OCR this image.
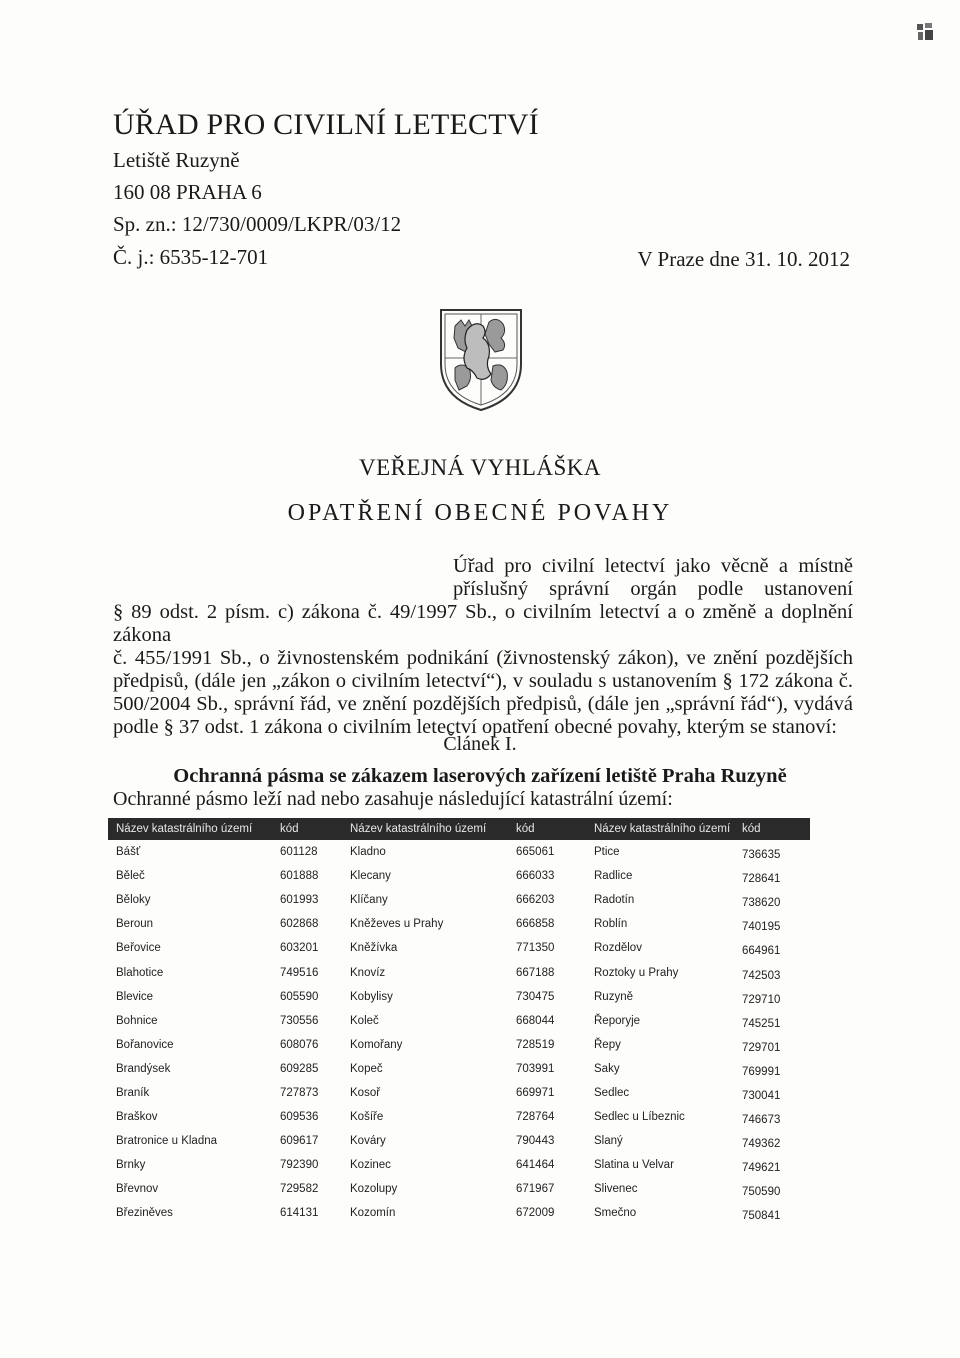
ÚŘAD PRO CIVILNÍ LETECTVÍ
Letiště Ruzyně
160 08 PRAHA 6
Sp. zn.: 12/730/0009/LKPR/03/12
Č. j.: 6535-12-701	V Praze dne 31. 10. 2012
VEŘEJNÁ VYHLÁŠKA
OPATŘENÍ OBECNÉ POVAHY
Úřad pro civilní letectví jako věcně a místně příslušný správní orgán podle ustanovení
§ 89 odst. 2 písm. c) zákona č. 49/1997 Sb., o civilním letectví a o změně a doplnění zákona
č. 455/1991 Sb., o živnostenském podnikání (živnostenský zákon), ve znění pozdějších
předpisů, (dále jen „zákon o civilním letectví“), v souladu s ustanovením § 172 zákona č.
500/2004 Sb., správní řád, ve znění pozdějších předpisů, (dále jen „správní řád“), vydává
podle § 37 odst. 1 zákona o civilním letectví opatření obecné povahy, kterým se stanoví:
Článek I.
Ochranná pásma se zákazem laserových zařízení letiště Praha Ruzyně
Ochranné pásmo leží nad nebo zasahuje následující katastrální území:
Název katastrálního území	kód	Název katastrálního území	kód	Název katastrálního území	kód
Bášť	601128	Kladno	665061	Ptice	736635
Běleč	601888	Klecany	666033	Radlice	728641
Běloky	601993	Klíčany	666203	Radotín	738620
Beroun	602868	Kněževes u Prahy	666858	Roblín	740195
Beřovice	603201	Kněžívka	771350	Rozdělov	664961
Blahotice	749516	Knovíz	667188	Roztoky u Prahy	742503
Blevice	605590	Kobylisy	730475	Ruzyně	729710
Bohnice	730556	Koleč	668044	Řeporyje	745251
Bořanovice	608076	Komořany	728519	Řepy	729701
Brandýsek	609285	Kopeč	703991	Saky	769991
Braník	727873	Kosoř	669971	Sedlec	730041
Braškov	609536	Košíře	728764	Sedlec u Líbeznic	746673
Bratronice u Kladna	609617	Kováry	790443	Slaný	749362
Brnky	792390	Kozinec	641464	Slatina u Velvar	749621
Břevnov	729582	Kozolupy	671967	Slivenec	750590
Březiněves	614131	Kozomín	672009	Smečno	750841
